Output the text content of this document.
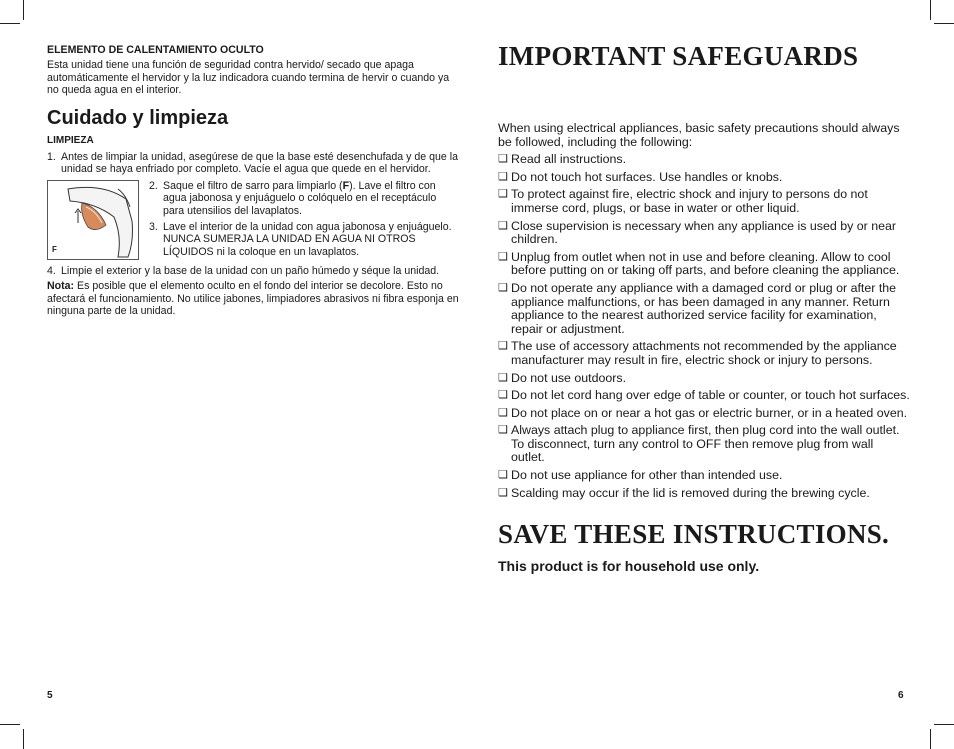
ELEMENTO DE CALENTAMIENTO OCULTO

Esta unidad tiene una función de seguridad contra hervido/ secado que apaga automáticamente el hervidor y la luz indicadora cuando termina de hervir o cuando ya no queda agua en el interior.

Cuidado y limpieza
LIMPIEZA
1. Antes de limpiar la unidad, asegúrese de que la base esté desenchufada y de que la unidad se haya enfriado por completo. Vacíe el agua que quede en el hervidor.
F
2. Saque el filtro de sarro para limpiarlo (F). Lave el filtro con agua jabonosa y enjuáguelo o colóquelo en el receptáculo para utensilios del lavaplatos.
3. Lave el interior de la unidad con agua jabonosa y enjuáguelo. NUNCA SUMERJA LA UNIDAD EN AGUA NI OTROS LÍQUIDOS ni la coloque en un lavaplatos.
4. Limpie el exterior y la base de la unidad con un paño húmedo y séque la unidad.

Nota: Es posible que el elemento oculto en el fondo del interior se decolore. Esto no afectará el funcionamiento. No utilice jabones, limpiadores abrasivos ni fibra esponja en ninguna parte de la unidad.

5
IMPORTANT SAFEGUARDS

When using electrical appliances, basic safety precautions should always be followed, including the following:

❑ Read all instructions.
❑ Do not touch hot surfaces. Use handles or knobs.
❑ To protect against fire, electric shock and injury to persons do not immerse cord, plugs, or base in water or other liquid.
❑ Close supervision is necessary when any appliance is used by or near children.
❑ Unplug from outlet when not in use and before cleaning. Allow to cool before putting on or taking off parts, and before cleaning the appliance.
❑ Do not operate any appliance with a damaged cord or plug or after the appliance malfunctions, or has been damaged in any manner. Return appliance to the nearest authorized service facility for examination, repair or adjustment.
❑ The use of accessory attachments not recommended by the appliance manufacturer may result in fire, electric shock or injury to persons.
❑ Do not use outdoors.
❑ Do not let cord hang over edge of table or counter, or touch hot surfaces.
❑ Do not place on or near a hot gas or electric burner, or in a heated oven.
❑ Always attach plug to appliance first, then plug cord into the wall outlet. To disconnect, turn any control to OFF then remove plug from wall outlet.
❑ Do not use appliance for other than intended use.
❑ Scalding may occur if the lid is removed during the brewing cycle.
SAVE THESE INSTRUCTIONS.
This product is for household use only.
6
